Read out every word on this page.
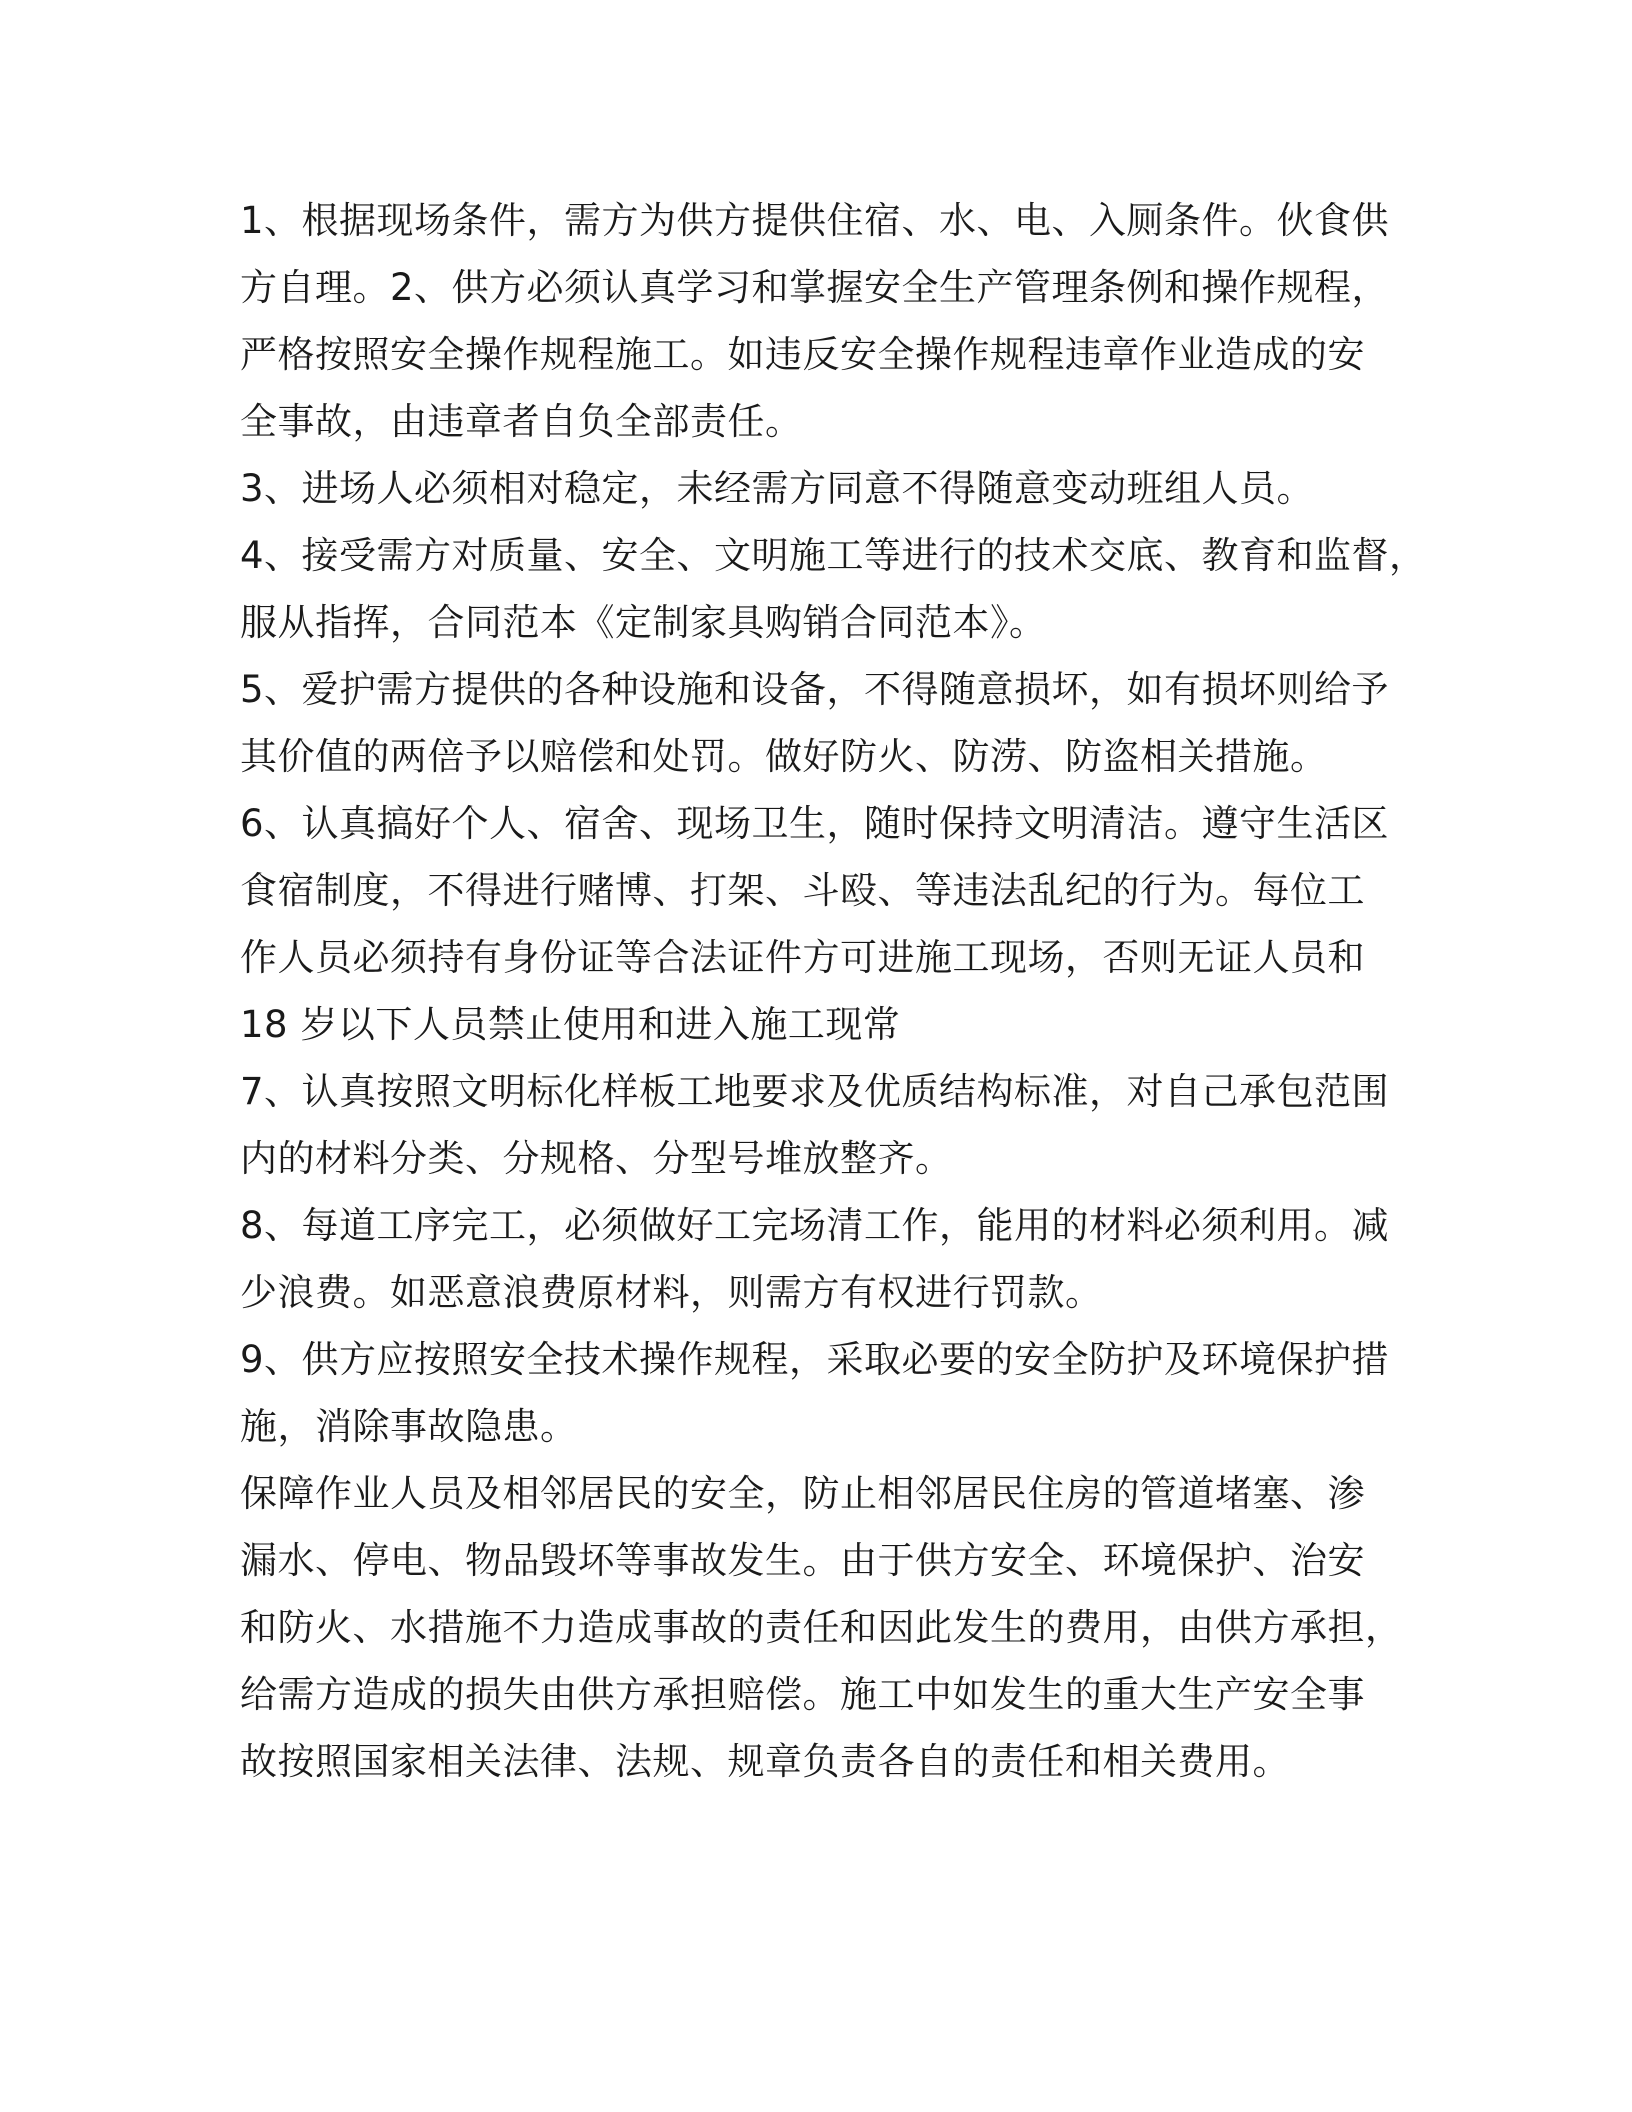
1、根据现场条件，需方为供方提供住宿、水、电、入厕条件。伙食供
方自理。2、供方必须认真学习和掌握安全生产管理条例和操作规程，
严格按照安全操作规程施工。如违反安全操作规程违章作业造成的安
全事故，由违章者自负全部责任。
3、进场人必须相对稳定，未经需方同意不得随意变动班组人员。
4、接受需方对质量、安全、文明施工等进行的技术交底、教育和监督，
服从指挥，合同范本《定制家具购销合同范本》。
5、爱护需方提供的各种设施和设备，不得随意损坏，如有损坏则给予
其价值的两倍予以赔偿和处罚。做好防火、防涝、防盗相关措施。
6、认真搞好个人、宿舍、现场卫生，随时保持文明清洁。遵守生活区
食宿制度，不得进行赌博、打架、斗殴、等违法乱纪的行为。每位工
作人员必须持有身份证等合法证件方可进施工现场，否则无证人员和
18 岁以下人员禁止使用和进入施工现常
7、认真按照文明标化样板工地要求及优质结构标准，对自己承包范围
内的材料分类、分规格、分型号堆放整齐。
8、每道工序完工，必须做好工完场清工作，能用的材料必须利用。减
少浪费。如恶意浪费原材料，则需方有权进行罚款。
9、供方应按照安全技术操作规程，采取必要的安全防护及环境保护措
施，消除事故隐患。
保障作业人员及相邻居民的安全，防止相邻居民住房的管道堵塞、渗
漏水、停电、物品毁坏等事故发生。由于供方安全、环境保护、治安
和防火、水措施不力造成事故的责任和因此发生的费用，由供方承担，
给需方造成的损失由供方承担赔偿。施工中如发生的重大生产安全事
故按照国家相关法律、法规、规章负责各自的责任和相关费用。
